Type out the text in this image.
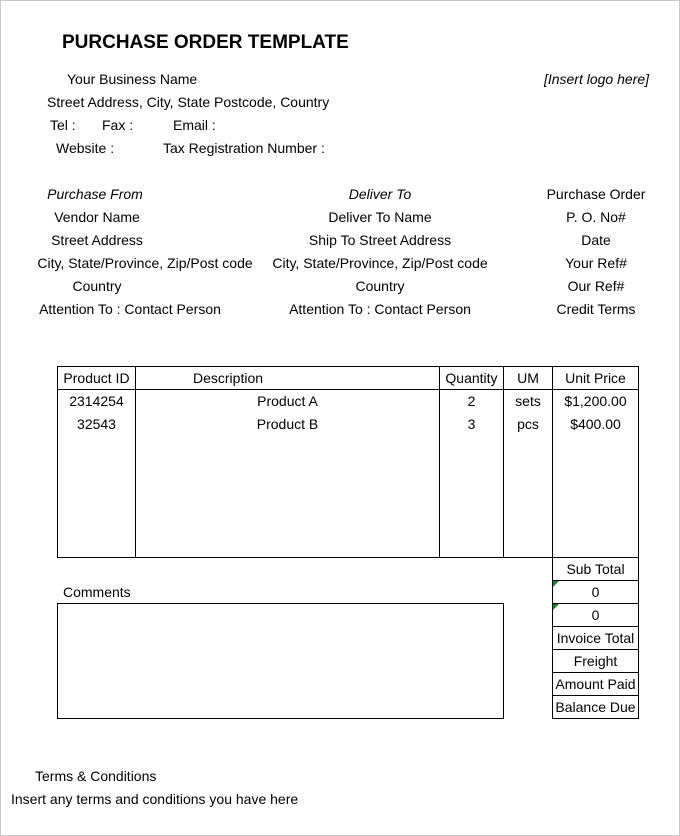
PURCHASE ORDER TEMPLATE
Your Business Name	[Insert logo here]
Street Address, City, State Postcode, Country
Tel : Fax :	Email :
Website :	Tax Registration Number :
Purchase From
Vendor Name
Street Address
City, State/Province, Zip/Post code
Country
Attention To : Contact Person
Deliver To
Deliver To Name
Ship To Street Address
City, State/Province, Zip/Post code
Country
Attention To : Contact Person
Purchase Order
P. O. No#
Date
Your Ref#
Our Ref#
Credit Terms
Product ID	Description	Quantity	UM	Unit Price
2314254	Product A	2	sets	$1,200.00
32543	Product B	3	pcs	$400.00
Sub Total
0
0
Invoice Total
Freight
Amount Paid
Balance Due
Comments
Terms & Conditions
Insert any terms and conditions you have here
